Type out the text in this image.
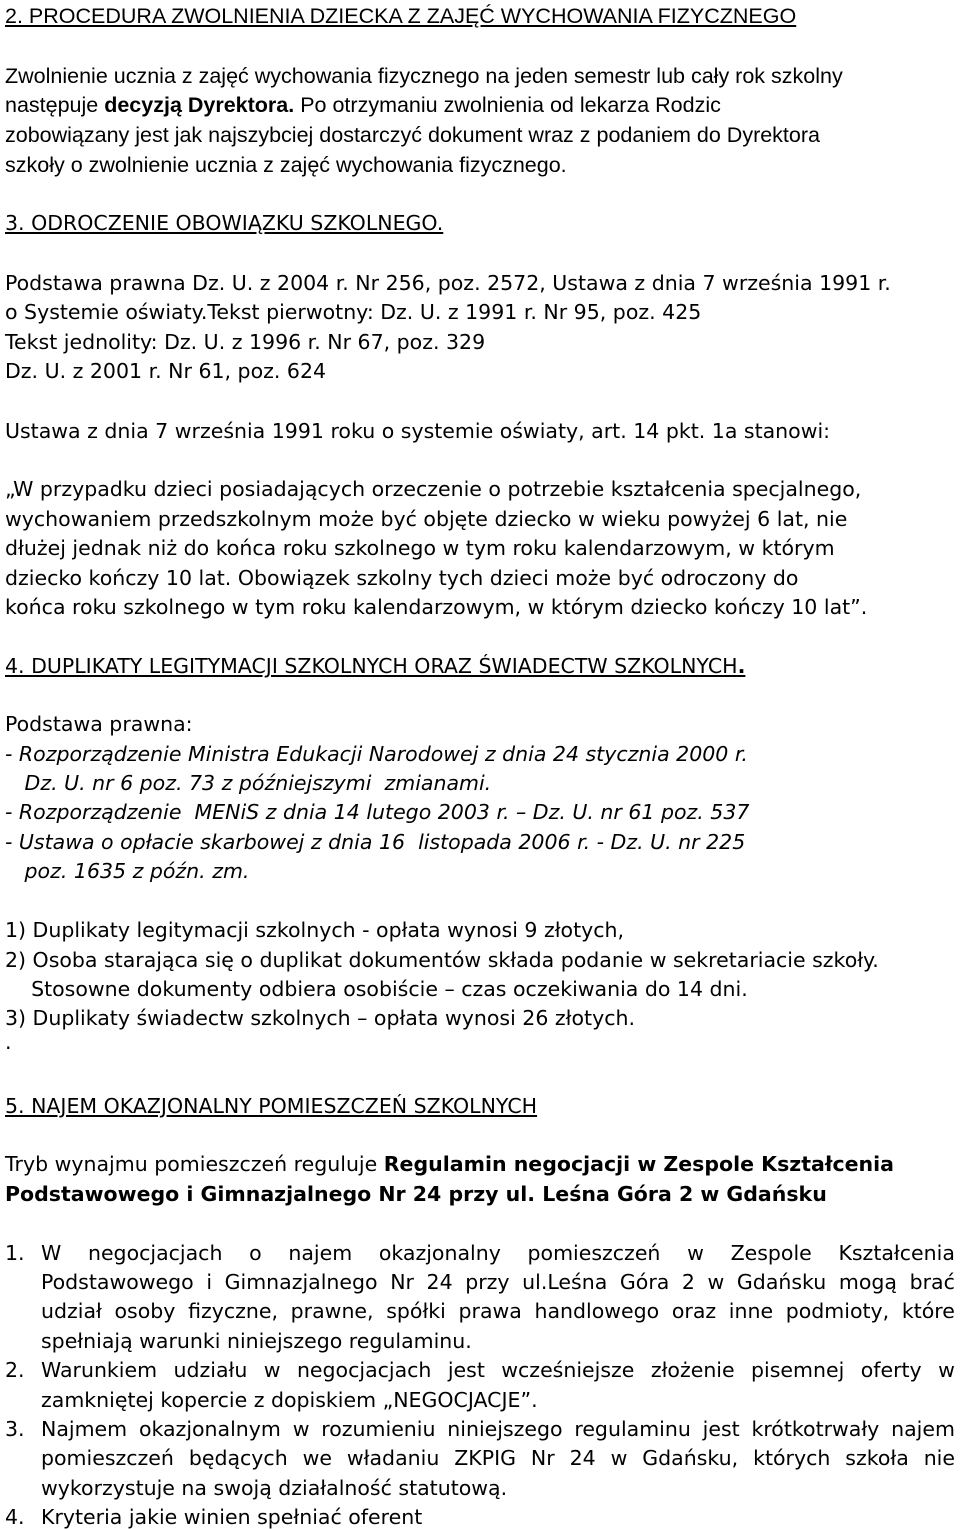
2. PROCEDURA ZWOLNIENIA DZIECKA Z ZAJĘĆ WYCHOWANIA FIZYCZNEGO
Zwolnienie ucznia z zajęć wychowania fizycznego na jeden semestr lub cały rok szkolny
następuje decyzją Dyrektora. Po otrzymaniu zwolnienia od lekarza Rodzic
zobowiązany jest jak najszybciej dostarczyć dokument wraz z podaniem do Dyrektora
szkoły o zwolnienie ucznia z zajęć wychowania fizycznego.
3. ODROCZENIE OBOWIĄZKU SZKOLNEGO.
Podstawa prawna Dz. U. z 2004 r. Nr 256, poz. 2572, Ustawa z dnia 7 września 1991 r.
o Systemie oświaty.Tekst pierwotny: Dz. U. z 1991 r. Nr 95, poz. 425
Tekst jednolity: Dz. U. z 1996 r. Nr 67, poz. 329
Dz. U. z 2001 r. Nr 61, poz. 624
Ustawa z dnia 7 września 1991 roku o systemie oświaty, art. 14 pkt. 1a stanowi:
„W przypadku dzieci posiadających orzeczenie o potrzebie kształcenia specjalnego,
wychowaniem przedszkolnym może być objęte dziecko w wieku powyżej 6 lat, nie
dłużej jednak niż do końca roku szkolnego w tym roku kalendarzowym, w którym
dziecko kończy 10 lat. Obowiązek szkolny tych dzieci może być odroczony do
końca roku szkolnego w tym roku kalendarzowym, w którym dziecko kończy 10 lat”.
4. DUPLIKATY LEGITYMACJI SZKOLNYCH ORAZ ŚWIADECTW SZKOLNYCH.
Podstawa prawna:
- Rozporządzenie Ministra Edukacji Narodowej z dnia 24 stycznia 2000 r.
Dz. U. nr 6 poz. 73 z późniejszymi  zmianami.
- Rozporządzenie  MENiS z dnia 14 lutego 2003 r. – Dz. U. nr 61 poz. 537
- Ustawa o opłacie skarbowej z dnia 16  listopada 2006 r. - Dz. U. nr 225
poz. 1635 z późn. zm.
1) Duplikaty legitymacji szkolnych - opłata wynosi 9 złotych,
2) Osoba starająca się o duplikat dokumentów składa podanie w sekretariacie szkoły.
Stosowne dokumenty odbiera osobiście – czas oczekiwania do 14 dni.
3) Duplikaty świadectw szkolnych – opłata wynosi 26 złotych.
.
5. NAJEM OKAZJONALNY POMIESZCZEŃ SZKOLNYCH
Tryb wynajmu pomieszczeń reguluje Regulamin negocjacji w Zespole Kształcenia
Podstawowego i Gimnazjalnego Nr 24 przy ul. Leśna Góra 2 w Gdańsku
1. W negocjacjach o najem okazjonalny pomieszczeń w Zespole Kształcenia
Podstawowego i Gimnazjalnego Nr 24 przy ul.Leśna Góra 2 w Gdańsku mogą brać
udział osoby fizyczne, prawne, spółki prawa handlowego oraz inne podmioty, które
spełniają warunki niniejszego regulaminu.
2. Warunkiem udziału w negocjacjach jest wcześniejsze złożenie pisemnej oferty w
zamkniętej kopercie z dopiskiem „NEGOCJACJE”.
3. Najmem okazjonalnym w rozumieniu niniejszego regulaminu jest krótkotrwały najem
pomieszczeń będących we władaniu ZKPIG Nr 24 w Gdańsku, których szkoła nie
wykorzystuje na swoją działalność statutową.
4. Kryteria jakie winien spełniać oferent
